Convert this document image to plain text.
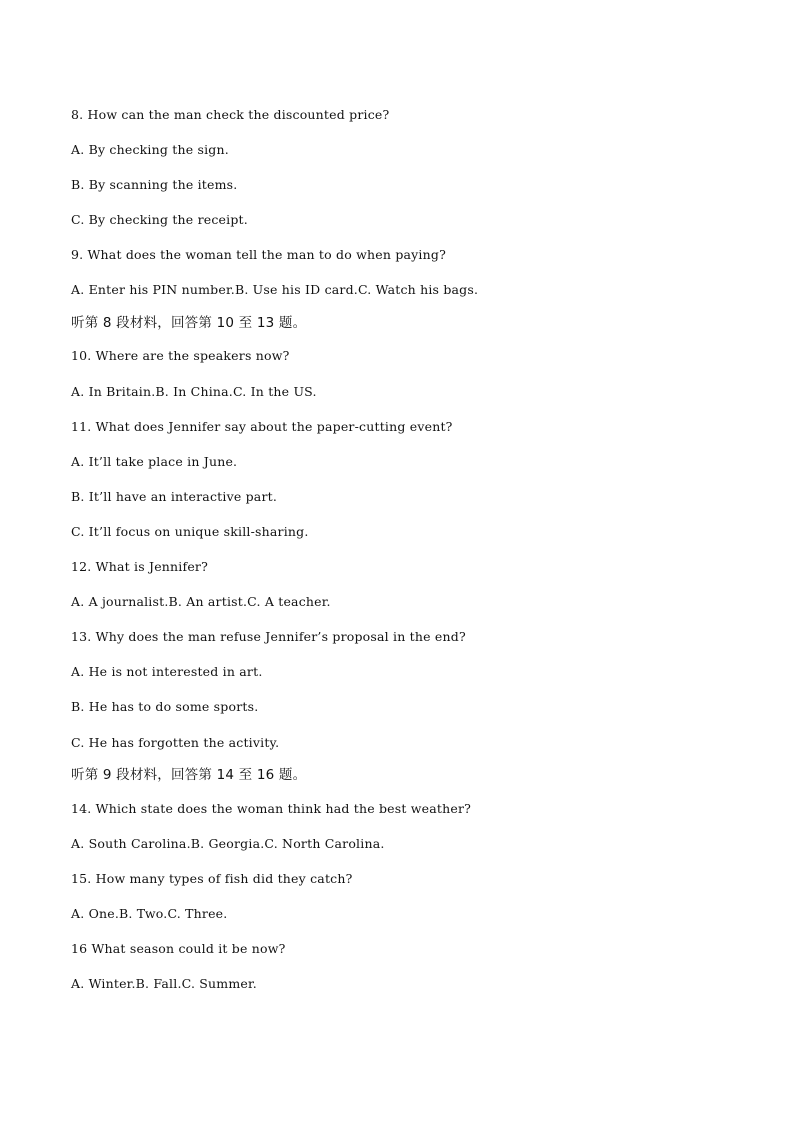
8. How can the man check the discounted price?
A. By checking the sign.
B. By scanning the items.
C. By checking the receipt.
9. What does the woman tell the man to do when paying?
A. Enter his PIN number.B. Use his ID card.C. Watch his bags.
听第 8 段材料，回答第 10 至 13 题。
10. Where are the speakers now?
A. In Britain.B. In China.C. In the US.
11. What does Jennifer say about the paper-cutting event?
A. It’ll take place in June.
B. It’ll have an interactive part.
C. It’ll focus on unique skill-sharing.
12. What is Jennifer?
A. A journalist.B. An artist.C. A teacher.
13. Why does the man refuse Jennifer’s proposal in the end?
A. He is not interested in art.
B. He has to do some sports.
C. He has forgotten the activity.
听第 9 段材料，回答第 14 至 16 题。
14. Which state does the woman think had the best weather?
A. South Carolina.B. Georgia.C. North Carolina.
15. How many types of fish did they catch?
A. One.B. Two.C. Three.
16 What season could it be now?
A. Winter.B. Fall.C. Summer.
